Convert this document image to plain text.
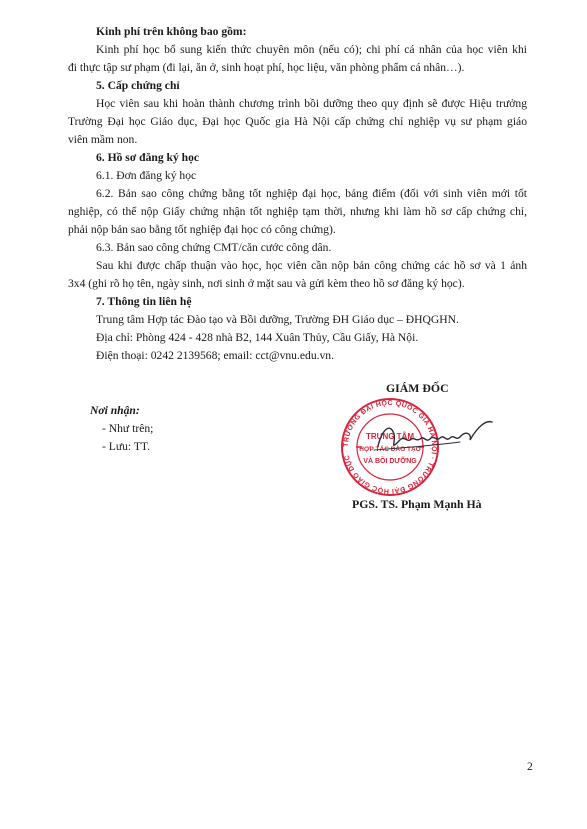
Kinh phí trên không bao gồm:
Kinh phí học bổ sung kiến thức chuyên môn (nếu có); chi phí cá nhân của học viên khi
đi thực tập sư phạm (đi lại, ăn ở, sinh hoạt phí, học liệu, văn phòng phẩm cá nhân…).
5. Cấp chứng chỉ
Học viên sau khi hoàn thành chương trình bồi dưỡng theo quy định sẽ được Hiệu trưởng
Trường Đại học Giáo dục, Đại học Quốc gia Hà Nội cấp chứng chỉ nghiệp vụ sư phạm giáo
viên mầm non.
6. Hồ sơ đăng ký học
6.1. Đơn đăng ký học
6.2. Bản sao công chứng bằng tốt nghiệp đại học, bảng điểm (đối với sinh viên mới tốt
nghiệp, có thể nộp Giấy chứng nhận tốt nghiệp tạm thời, nhưng khi làm hồ sơ cấp chứng chỉ,
phải nộp bản sao bằng tốt nghiệp đại học có công chứng).
6.3. Bản sao công chứng CMT/căn cước công dân.
Sau khi được chấp thuận vào học, học viên cần nộp bản công chứng các hồ sơ và 1 ảnh
3x4 (ghi rõ họ tên, ngày sinh, nơi sinh ở mặt sau và gửi kèm theo hồ sơ đăng ký học).
7. Thông tin liên hệ
Trung tâm Hợp tác Đào tạo và Bồi dưỡng, Trường ĐH Giáo dục – ĐHQGHN.
Địa chỉ: Phòng 424 - 428 nhà B2, 144 Xuân Thủy, Cầu Giấy, Hà Nội.
Điện thoại: 0242 2139568; email: cct@vnu.edu.vn.
Nơi nhận:
- Như trên;
- Lưu: TT.
GIÁM ĐỐC
TRƯỜNG ĐẠI HỌC QUỐC GIA HÀ NỘI · TRƯỜNG ĐẠI HỌC GIÁO DỤC
TRUNG TÂM
HỢP TÁC ĐÀO TẠO
VÀ BỒI DƯỠNG
PGS. TS. Phạm Mạnh Hà
2
